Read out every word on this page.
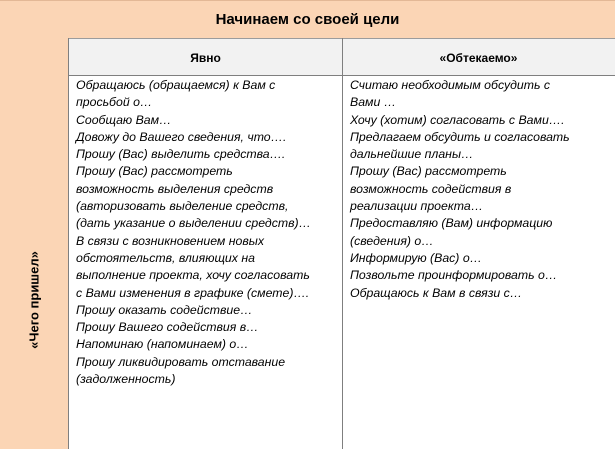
Начинаем со своей цели
«Чего пришел»
Явно	«Обтекаемо»

Обращаюсь (обращаемся) к Вам с

просьбой о…

Сообщаю Вам…

Довожу до Вашего сведения, что….

Прошу (Вас) выделить средства….

Прошу (Вас) рассмотреть

возможность выделения средств

(авторизовать выделение средств,

(дать указание о выделении средств)…

В связи с возникновением новых

обстоятельств, влияющих на

выполнение проекта, хочу согласовать

с Вами изменения в графике (смете)….

Прошу оказать содействие…

Прошу Вашего содействия в…

Напоминаю (напоминаем) о…

Прошу ликвидировать отставание

(задолженность)

Считаю необходимым обсудить с

Вами …

Хочу (хотим) согласовать с Вами….

Предлагаем обсудить и согласовать

дальнейшие планы…

Прошу (Вас) рассмотреть

возможность содействия в

реализации проекта…

Предоставляю (Вам) информацию

(сведения) о…

Информирую (Вас) о…

Позвольте проинформировать о…

Обращаюсь к Вам в связи с…
